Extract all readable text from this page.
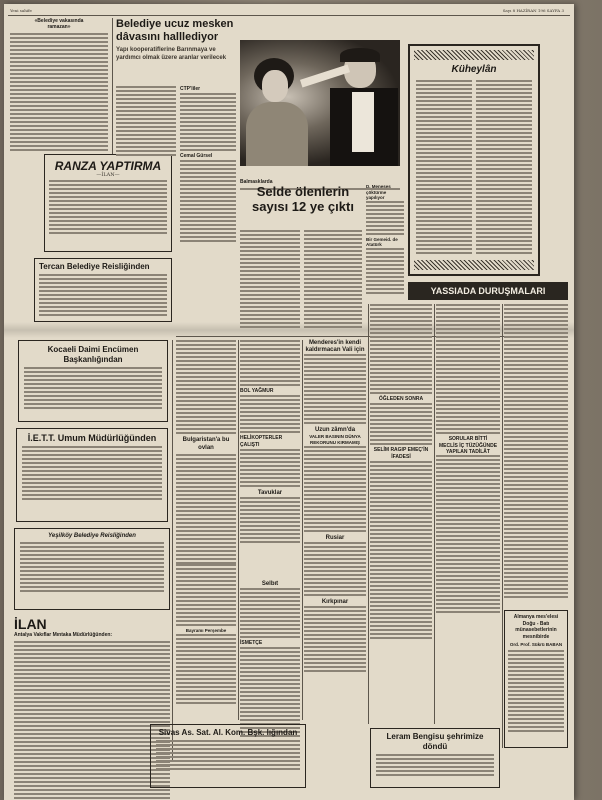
Yeni sahife	Sayı 8 HAZİRAN 196 SAYFA 3
«Belediye vakasında
ramazan»
RANZA YAPTIRMA
—İLAN—
Tercan Belediye Reisliğinden
Kocaeli Daimi Encümen Başkanlığından
İ.E.T.T. Umum Müdürlüğünden
Yeşilköy Belediye Reisliğinden
İLAN
Antalya Vakıflar Mıntaka Müdürlüğünden:
Belediye ucuz mesken dâvasını halllediyor
Yapı kooperatiflerine Barınmaya ve yardımcı olmak üzere aranlar verilecek
CTP'liler
Cemal Gürsel
Balmasklarda
Selde ölenlerin sayısı 12 ye çıktı
D. Meneses çöktürme yapılıyor
Bir Gemeid. de Atatürk
Küheylân
YASSIADA DURUŞMALARI
Bulgaristan'a bu ovlan
BOL YAĞMUR
HELİKOPTERLER ÇALIŞTI
Tavuklar
Menderes'in kendi kaldırmacan Vali için
Uzun zâmn'da
VALER BASININ DÜNYA REKORUNU KIRMAMIŞ
Rusiar
Kırkpınar
ÖĞLEDEN SONRA
SELİM RAGIP EMEÇ'İN İFADESİ
SORULAR BİTTİ
MECLİS İÇ TÜZÜĞÜNDE YAPILAN TADİLÂT
Almanya mes'elesi Doğu - Batı münasebetlerinin mesnibirde
Ord. Prof. Sükrü BABAN
Selbıt
İSMETÇE
Bayramı Perşembe
Sivas As. Sat. Al. Kom. Bşk. lığından	Leram Bengisu şehrimize döndü
